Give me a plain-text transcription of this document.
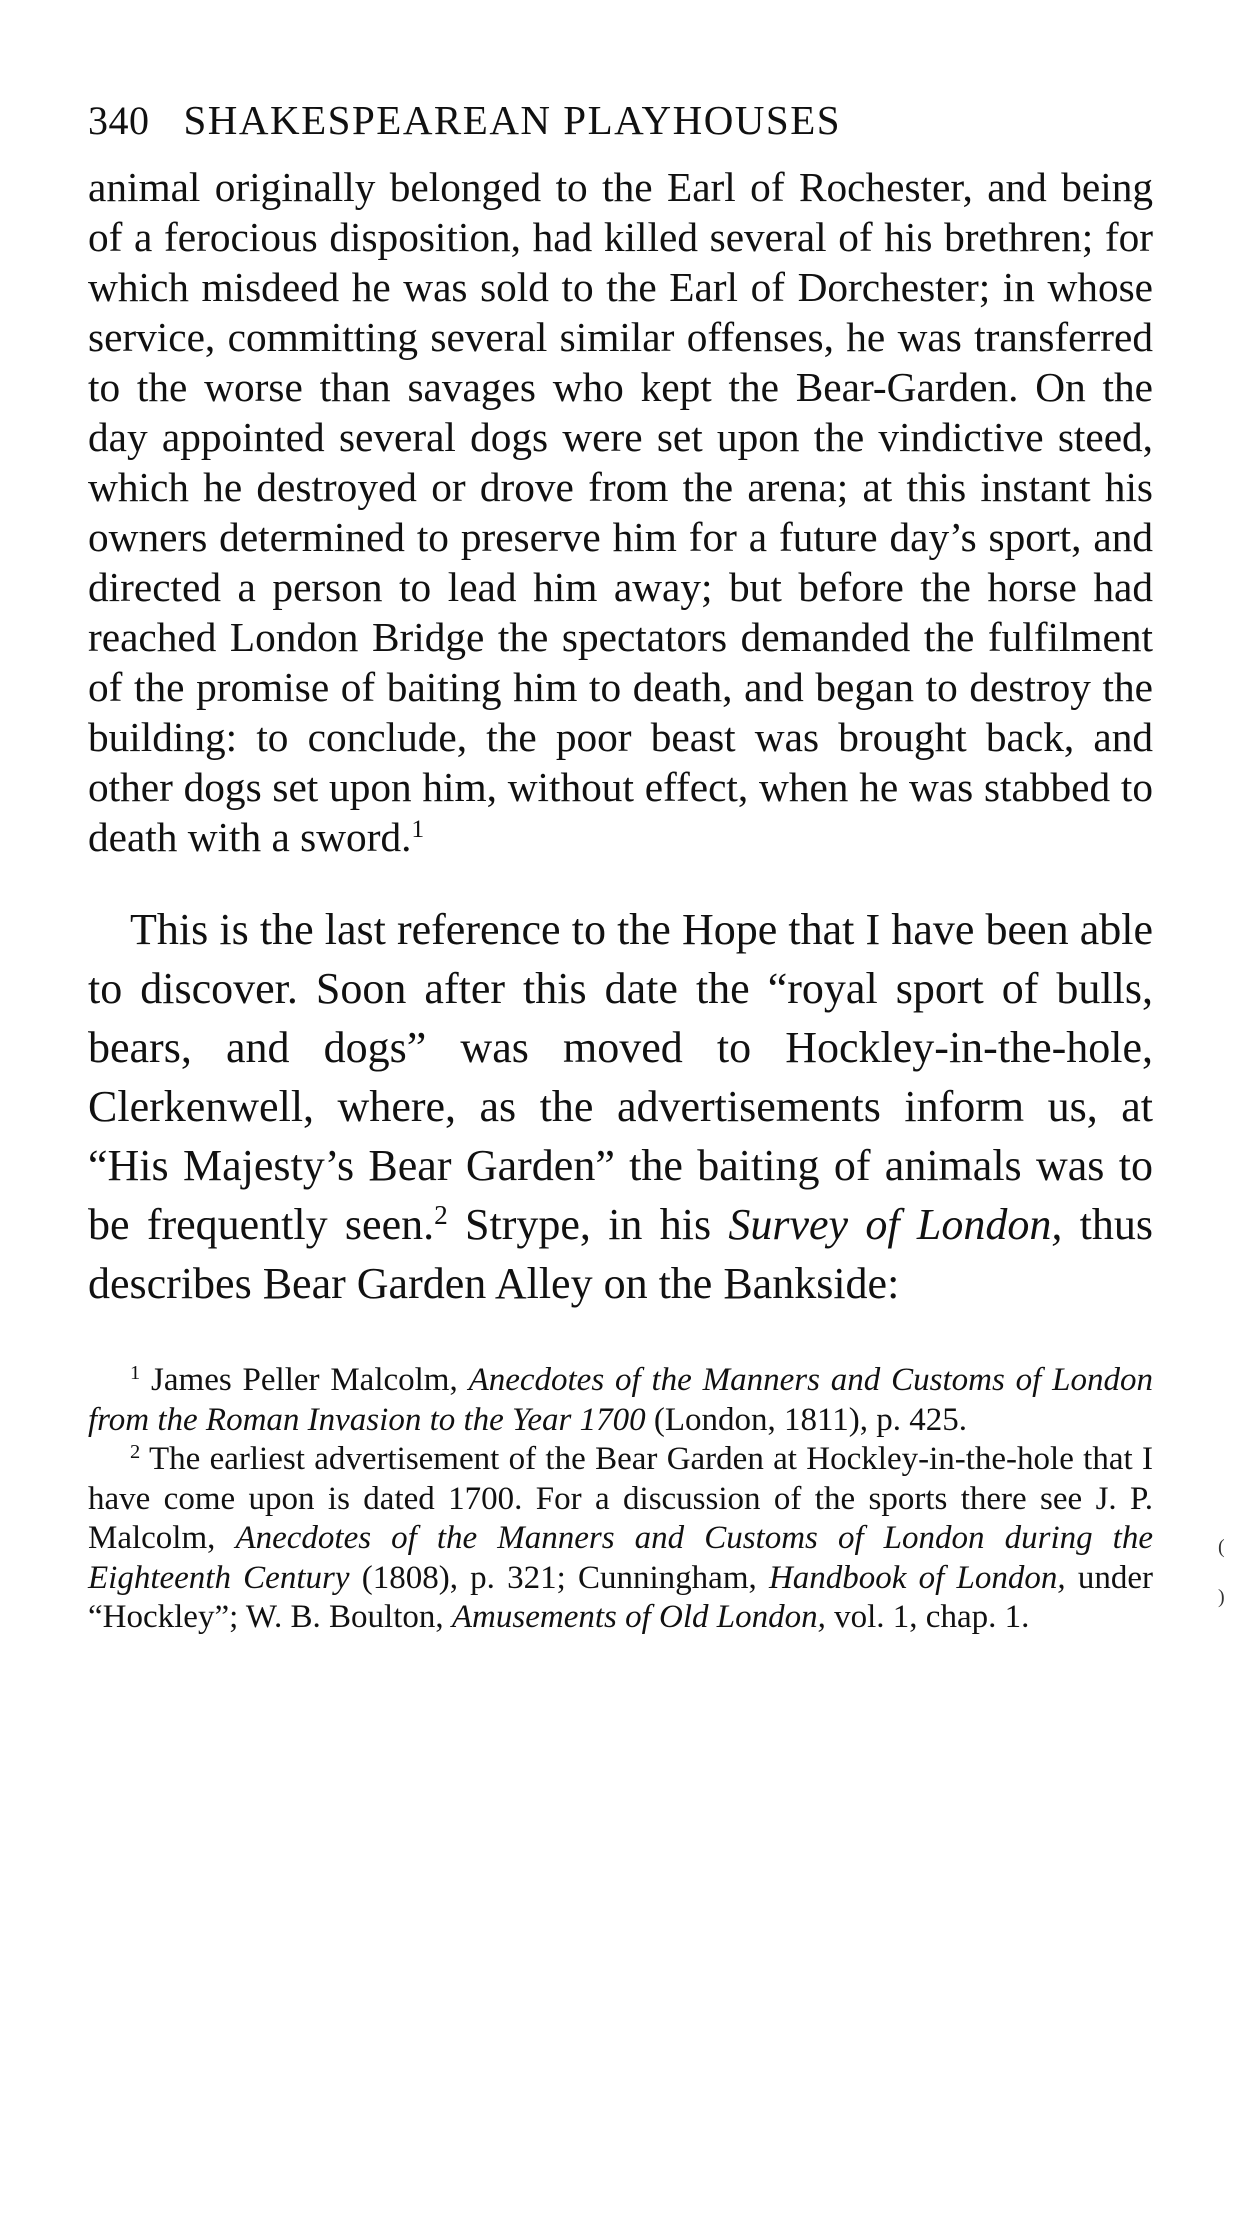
340 SHAKESPEAREAN PLAYHOUSES

animal originally belonged to the Earl of Rochester, and being of a ferocious disposition, had killed several of his brethren; for which misdeed he was sold to the Earl of Dorchester; in whose service, committing several similar offenses, he was transferred to the worse than savages who kept the Bear-Garden. On the day appointed several dogs were set upon the vindictive steed, which he destroyed or drove from the arena; at this instant his owners determined to preserve him for a future day’s sport, and directed a person to lead him away; but before the horse had reached London Bridge the spectators demanded the fulfilment of the promise of baiting him to death, and began to destroy the building: to conclude, the poor beast was brought back, and other dogs set upon him, without effect, when he was stabbed to death with a sword.$^1$

This is the last reference to the Hope that I have been able to discover. Soon after this date the “royal sport of bulls, bears, and dogs” was moved to Hockley-in-the-hole, Clerkenwell, where, as the advertisements inform us, at “His Majesty’s Bear Garden” the baiting of animals was to be frequently seen.$^2$ Strype, in his Survey of London, thus describes Bear Garden Alley on the Bankside:

$^1$ James Peller Malcolm, Anecdotes of the Manners and Customs of London from the Roman Invasion to the Year 1700 (London, 1811), p. 425.

$^2$ The earliest advertisement of the Bear Garden at Hockley-in-the-hole that I have come upon is dated 1700. For a discussion of the sports there see J. P. Malcolm, Anecdotes of the Manners and Customs of London during the Eighteenth Century (1808), p. 321; Cunningham, Handbook of London, under “Hockley”; W. B. Boulton, Amusements of Old London, vol. 1, chap. 1.

(
)
